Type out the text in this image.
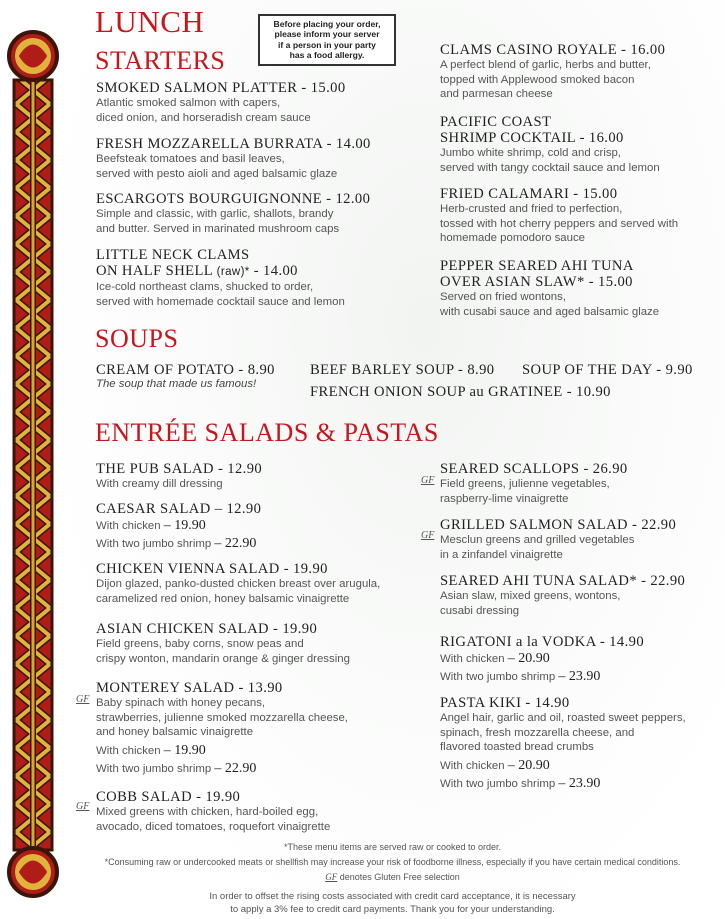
LUNCH	Before placing your order,
please inform your server
if a person in your party
has a food allergy.
STARTERS
SMOKED SALMON PLATTER - 15.00
Atlantic smoked salmon with capers,
diced onion, and horseradish cream sauce
FRESH MOZZARELLA BURRATA - 14.00
Beefsteak tomatoes and basil leaves,
served with pesto aioli and aged balsamic glaze
ESCARGOTS BOURGUIGNONNE - 12.00
Simple and classic, with garlic, shallots, brandy
and butter. Served in marinated mushroom caps
LITTLE NECK CLAMS
ON HALF SHELL (raw)* - 14.00
Ice-cold northeast clams, shucked to order,
served with homemade cocktail sauce and lemon
CLAMS CASINO ROYALE - 16.00
A perfect blend of garlic, herbs and butter,
topped with Applewood smoked bacon
and parmesan cheese
PACIFIC COAST
SHRIMP COCKTAIL - 16.00
Jumbo white shrimp, cold and crisp,
served with tangy cocktail sauce and lemon
FRIED CALAMARI - 15.00
Herb-crusted and fried to perfection,
tossed with hot cherry peppers and served with
homemade pomodoro sauce
PEPPER SEARED AHI TUNA
OVER ASIAN SLAW* - 15.00
Served on fried wontons,
with cusabi sauce and aged balsamic glaze
SOUPS
CREAM OF POTATO - 8.90
The soup that made us famous!
BEEF BARLEY SOUP - 8.90 SOUP OF THE DAY - 9.90
FRENCH ONION SOUP au GRATINEE - 10.90
ENTRÉE SALADS & PASTAS
THE PUB SALAD - 12.90
With creamy dill dressing
CAESAR SALAD – 12.90
With chicken – 19.90
With two jumbo shrimp – 22.90
CHICKEN VIENNA SALAD - 19.90
Dijon glazed, panko-dusted chicken breast over arugula,
caramelized red onion, honey balsamic vinaigrette
ASIAN CHICKEN SALAD - 19.90
Field greens, baby corns, snow peas and
crispy wonton, mandarin orange & ginger dressing
GF
MONTEREY SALAD - 13.90
Baby spinach with honey pecans,
strawberries, julienne smoked mozzarella cheese,
and honey balsamic vinaigrette
With chicken – 19.90
With two jumbo shrimp – 22.90
GF
COBB SALAD - 19.90
Mixed greens with chicken, hard-boiled egg,
avocado, diced tomatoes, roquefort vinaigrette
GF
SEARED SCALLOPS - 26.90
Field greens, julienne vegetables,
raspberry-lime vinaigrette
GF
GRILLED SALMON SALAD - 22.90
Mesclun greens and grilled vegetables
in a zinfandel vinaigrette
SEARED AHI TUNA SALAD* - 22.90
Asian slaw, mixed greens, wontons,
cusabi dressing
RIGATONI a la VODKA - 14.90
With chicken – 20.90
With two jumbo shrimp – 23.90
PASTA KIKI - 14.90
Angel hair, garlic and oil, roasted sweet peppers,
spinach, fresh mozzarella cheese, and
flavored toasted bread crumbs
With chicken – 20.90
With two jumbo shrimp – 23.90
*These menu items are served raw or cooked to order.
*Consuming raw or undercooked meats or shellfish may increase your risk of foodborne illness, especially if you have certain medical conditions.
GF denotes Gluten Free selection
In order to offset the rising costs associated with credit card acceptance, it is necessary
to apply a 3% fee to credit card payments. Thank you for your understanding.
